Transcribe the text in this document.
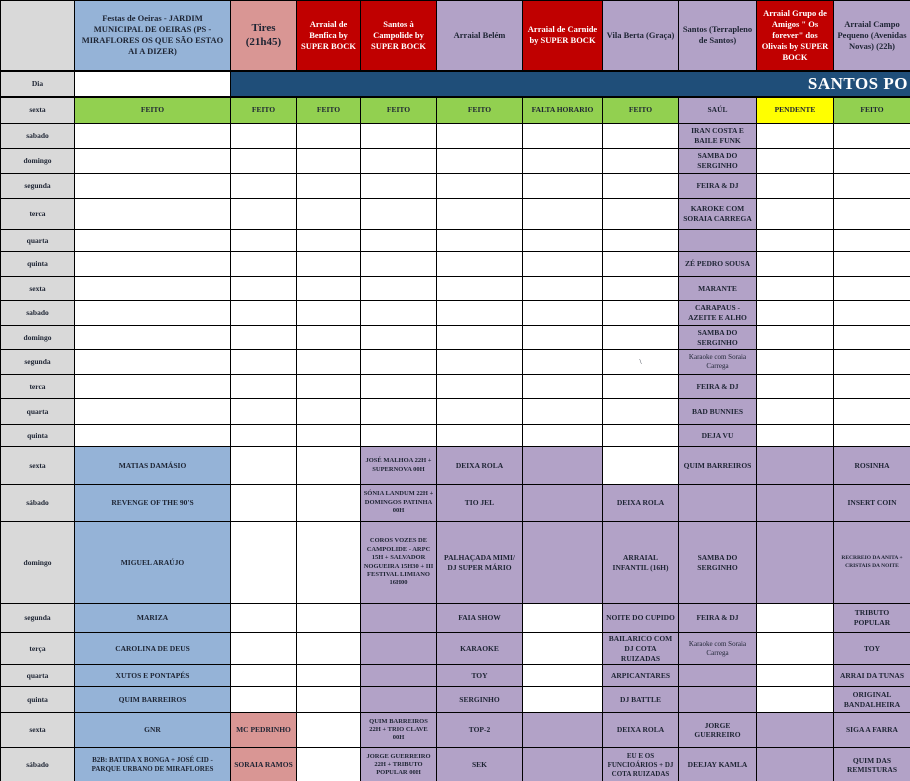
	Festas de Oeiras - JARDIM MUNICIPAL DE OEIRAS (PS - MIRAFLORES OS QUE SÃO ESTAO AI A DIZER)	Tires (21h45)	Arraial de Benfica by SUPER BOCK	Santos à Campolide by SUPER BOCK	Arraial Belém	Arraial de Carnide by SUPER BOCK	Vila Berta (Graça)	Santos (Terrapleno de Santos)	Arraial Grupo de Amigos " Os forever" dos Olivais by SUPER BOCK	Arraial Campo Pequeno (Avenidas Novas) (22h)
Dia		SANTOS PO								

sexta	FEITO	FEITO	FEITO	FEITO	FEITO	FALTA HORARIO	FEITO	SAÚL	PENDENTE	FEITO
sabado								IRAN COSTA E BAILE FUNK		
domingo								SAMBA DO SERGINHO		
segunda								FEIRA & DJ		
terca								KAROKE COM SORAIA CARREGA		
quarta										
quinta								ZÉ PEDRO SOUSA		
sexta								MARANTE		
sabado								CARAPAUS - AZEITE E ALHO		
domingo								SAMBA DO SERGINHO		
segunda							\	Karaoke com Soraia Carrega		
terca								FEIRA & DJ		
quarta								BAD BUNNIES		
quinta								DEJA VU		
sexta	MATIAS DAMÁSIO			JOSÉ MALHOA 22H + SUPERNOVA 00H	DEIXA ROLA			QUIM BARREIROS		ROSINHA
sábado	REVENGE OF THE 90'S			SÓNIA LANDUM 22H + DOMINGOS PATINHA 00H	TIO JEL		DEIXA ROLA			INSERT COIN
domingo	MIGUEL ARAÚJO			COROS VOZES DE CAMPOLIDE - ARPC 15H + SALVADOR NOGUEIRA 15H30 + III FESTIVAL LIMIANO 16H00	PALHAÇADA MIMI/ DJ SUPER MÁRIO		ARRAIAL INFANTIL (16H)	SAMBA DO SERGINHO		RECRREIO DA ANITA + CRISTAIS DA NOITE
segunda	MARIZA				FAIA SHOW		NOITE DO CUPIDO	FEIRA & DJ		TRIBUTO POPULAR
terça	CAROLINA DE DEUS				KARAOKE		BAILARICO COM DJ COTA RUIZADAS	Karaoke com Soraia Carrega		TOY
quarta	XUTOS E PONTAPÉS				TOY		ARPICANTARES			ARRAI DA TUNAS
quinta	QUIM BARREIROS				SERGINHO		DJ BATTLE			ORIGINAL BANDALHEIRA
sexta	GNR	MC PEDRINHO		QUIM BARREIROS 22H + TRIO CLAVE 00H	TOP-2		DEIXA ROLA	JORGE GUERREIRO		SIGA A FARRA
sábado	B2B: BATIDA X BONGA + JOSÉ CID - PARQUE URBANO DE MIRAFLORES	SORAIA RAMOS		JORGE GUERREIRO 22H + TRIBUTO POPULAR 00H	SEK		EU E OS FUNCIOÁRIOS + DJ COTA RUIZADAS	DEEJAY KAMLA		QUIM DAS REMISTURAS
